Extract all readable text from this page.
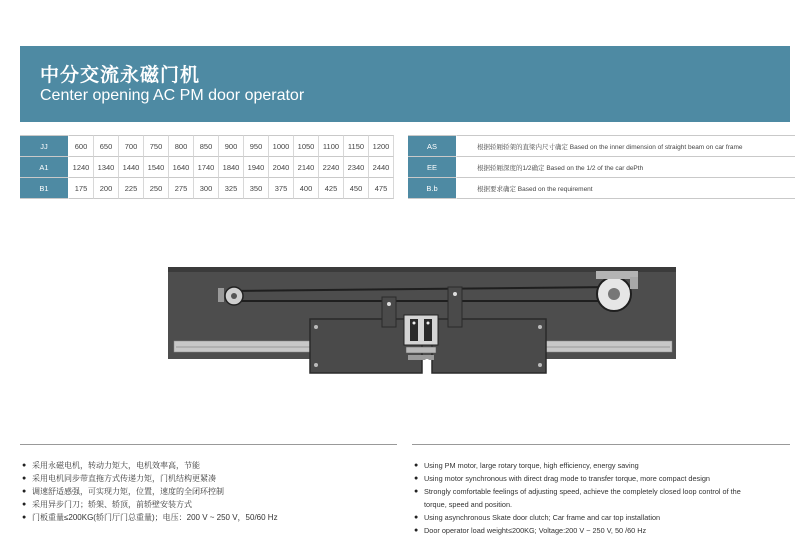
中分交流永磁门机
Center opening AC PM door operator
JJ	600	650	700	750	800	850	900	950	1000	1050	1100	1150	1200		AS	根据轿厢轿架的直梁内尺寸确定 Based on the inner dimension of straight beam on car frame
A1	1240	1340	1440	1540	1640	1740	1840	1940	2040	2140	2240	2340	2440		EE	根据轿厢深度的1/2确定 Based on the 1/2 of the car dePth
B1	175	200	225	250	275	300	325	350	375	400	425	450	475		B.b	根据要求确定 Based on the requirement
● 采用永磁电机，转动力矩大，电机效率高，节能
● 采用电机同步带直拖方式传递力矩，门机结构更紧凑
● 调速舒适感强，可实现力矩，位置，速度的全闭环控制
● 采用异步门刀；轿架、轿顶，前轿壁安装方式
● 门板重量≤200KG(轿门厅门总重量)；电压：200 V ~ 250 V，50/60 Hz
● Using PM motor, large rotary torque, high efficiency, energy saving
● Using motor synchronous with direct drag mode to transfer torque, more compact design
● Strongly comfortable feelings of adjusting speed, achieve the completely closed loop control of the
torque, speed and position.
● Using asynchronous Skate door clutch; Car frame and car top installation
● Door operator load weight≤200KG; Voltage:200 V ~ 250 V, 50 /60 Hz
